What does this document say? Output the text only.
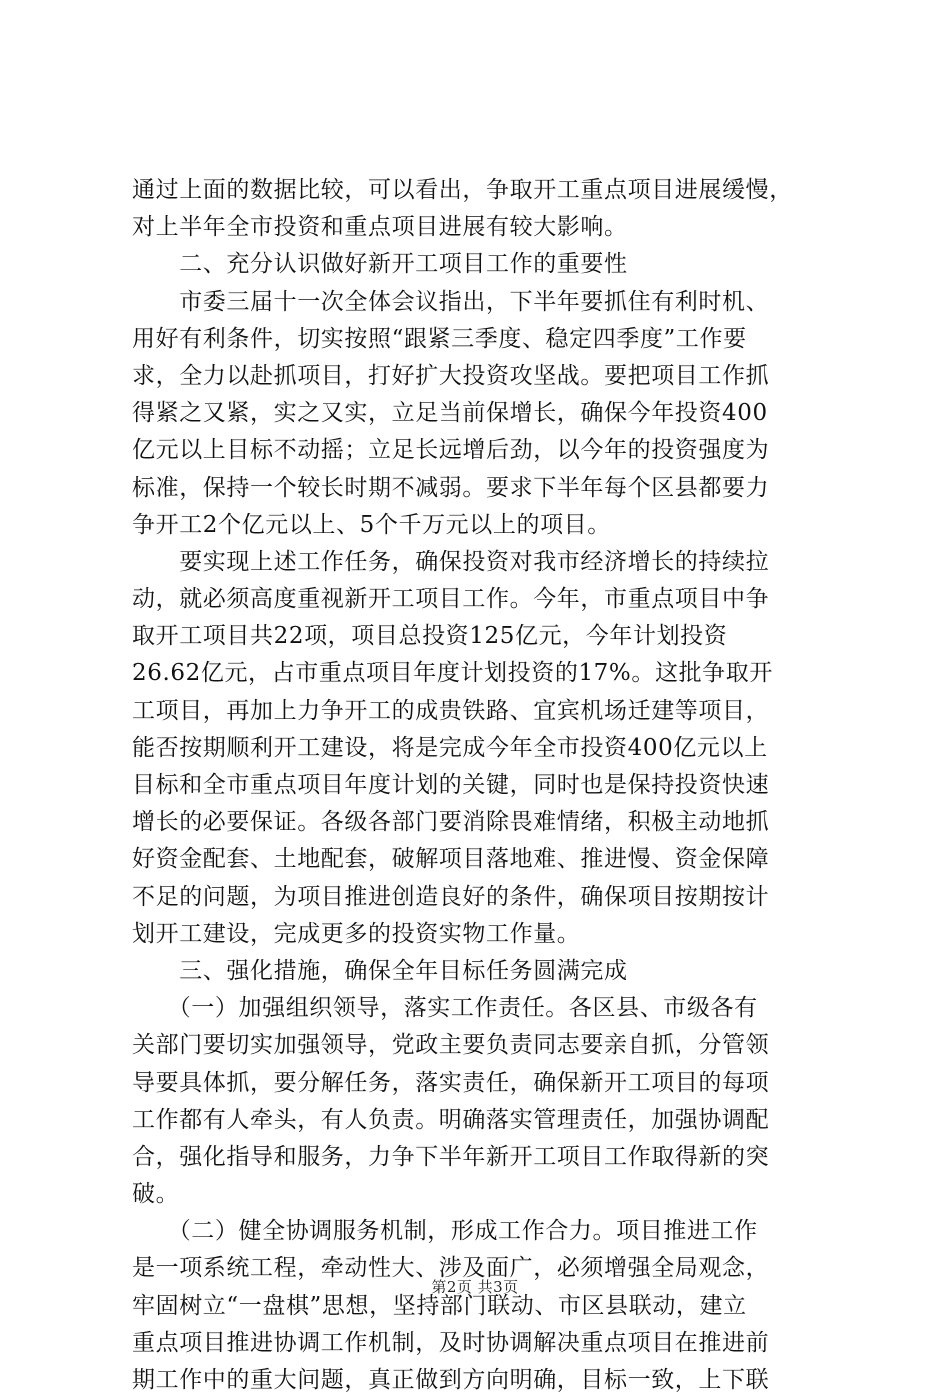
通过上面的数据比较，可以看出，争取开工重点项目进展缓慢，
对上半年全市投资和重点项目进展有较大影响。
　　二、充分认识做好新开工项目工作的重要性
　　市委三届十一次全体会议指出，下半年要抓住有利时机、
用好有利条件，切实按照“跟紧三季度、稳定四季度”工作要
求，全力以赴抓项目，打好扩大投资攻坚战。要把项目工作抓
得紧之又紧，实之又实，立足当前保增长，确保今年投资400
亿元以上目标不动摇；立足长远增后劲，以今年的投资强度为
标准，保持一个较长时期不减弱。要求下半年每个区县都要力
争开工2个亿元以上、5个千万元以上的项目。
　　要实现上述工作任务，确保投资对我市经济增长的持续拉
动，就必须高度重视新开工项目工作。今年，市重点项目中争
取开工项目共22项，项目总投资125亿元，今年计划投资
26.62亿元，占市重点项目年度计划投资的17%。这批争取开
工项目，再加上力争开工的成贵铁路、宜宾机场迁建等项目，
能否按期顺利开工建设，将是完成今年全市投资400亿元以上
目标和全市重点项目年度计划的关键，同时也是保持投资快速
增长的必要保证。各级各部门要消除畏难情绪，积极主动地抓
好资金配套、土地配套，破解项目落地难、推进慢、资金保障
不足的问题，为项目推进创造良好的条件，确保项目按期按计
划开工建设，完成更多的投资实物工作量。
　　三、强化措施，确保全年目标任务圆满完成
　　（一）加强组织领导，落实工作责任。各区县、市级各有
关部门要切实加强领导，党政主要负责同志要亲自抓，分管领
导要具体抓，要分解任务，落实责任，确保新开工项目的每项
工作都有人牵头，有人负责。明确落实管理责任，加强协调配
合，强化指导和服务，力争下半年新开工项目工作取得新的突
破。
　　（二）健全协调服务机制，形成工作合力。项目推进工作
是一项系统工程，牵动性大、涉及面广，必须增强全局观念，
牢固树立“一盘棋”思想，坚持部门联动、市区县联动，建立
重点项目推进协调工作机制，及时协调解决重点项目在推进前
期工作中的重大问题，真正做到方向明确，目标一致，上下联
第2页 共3页
